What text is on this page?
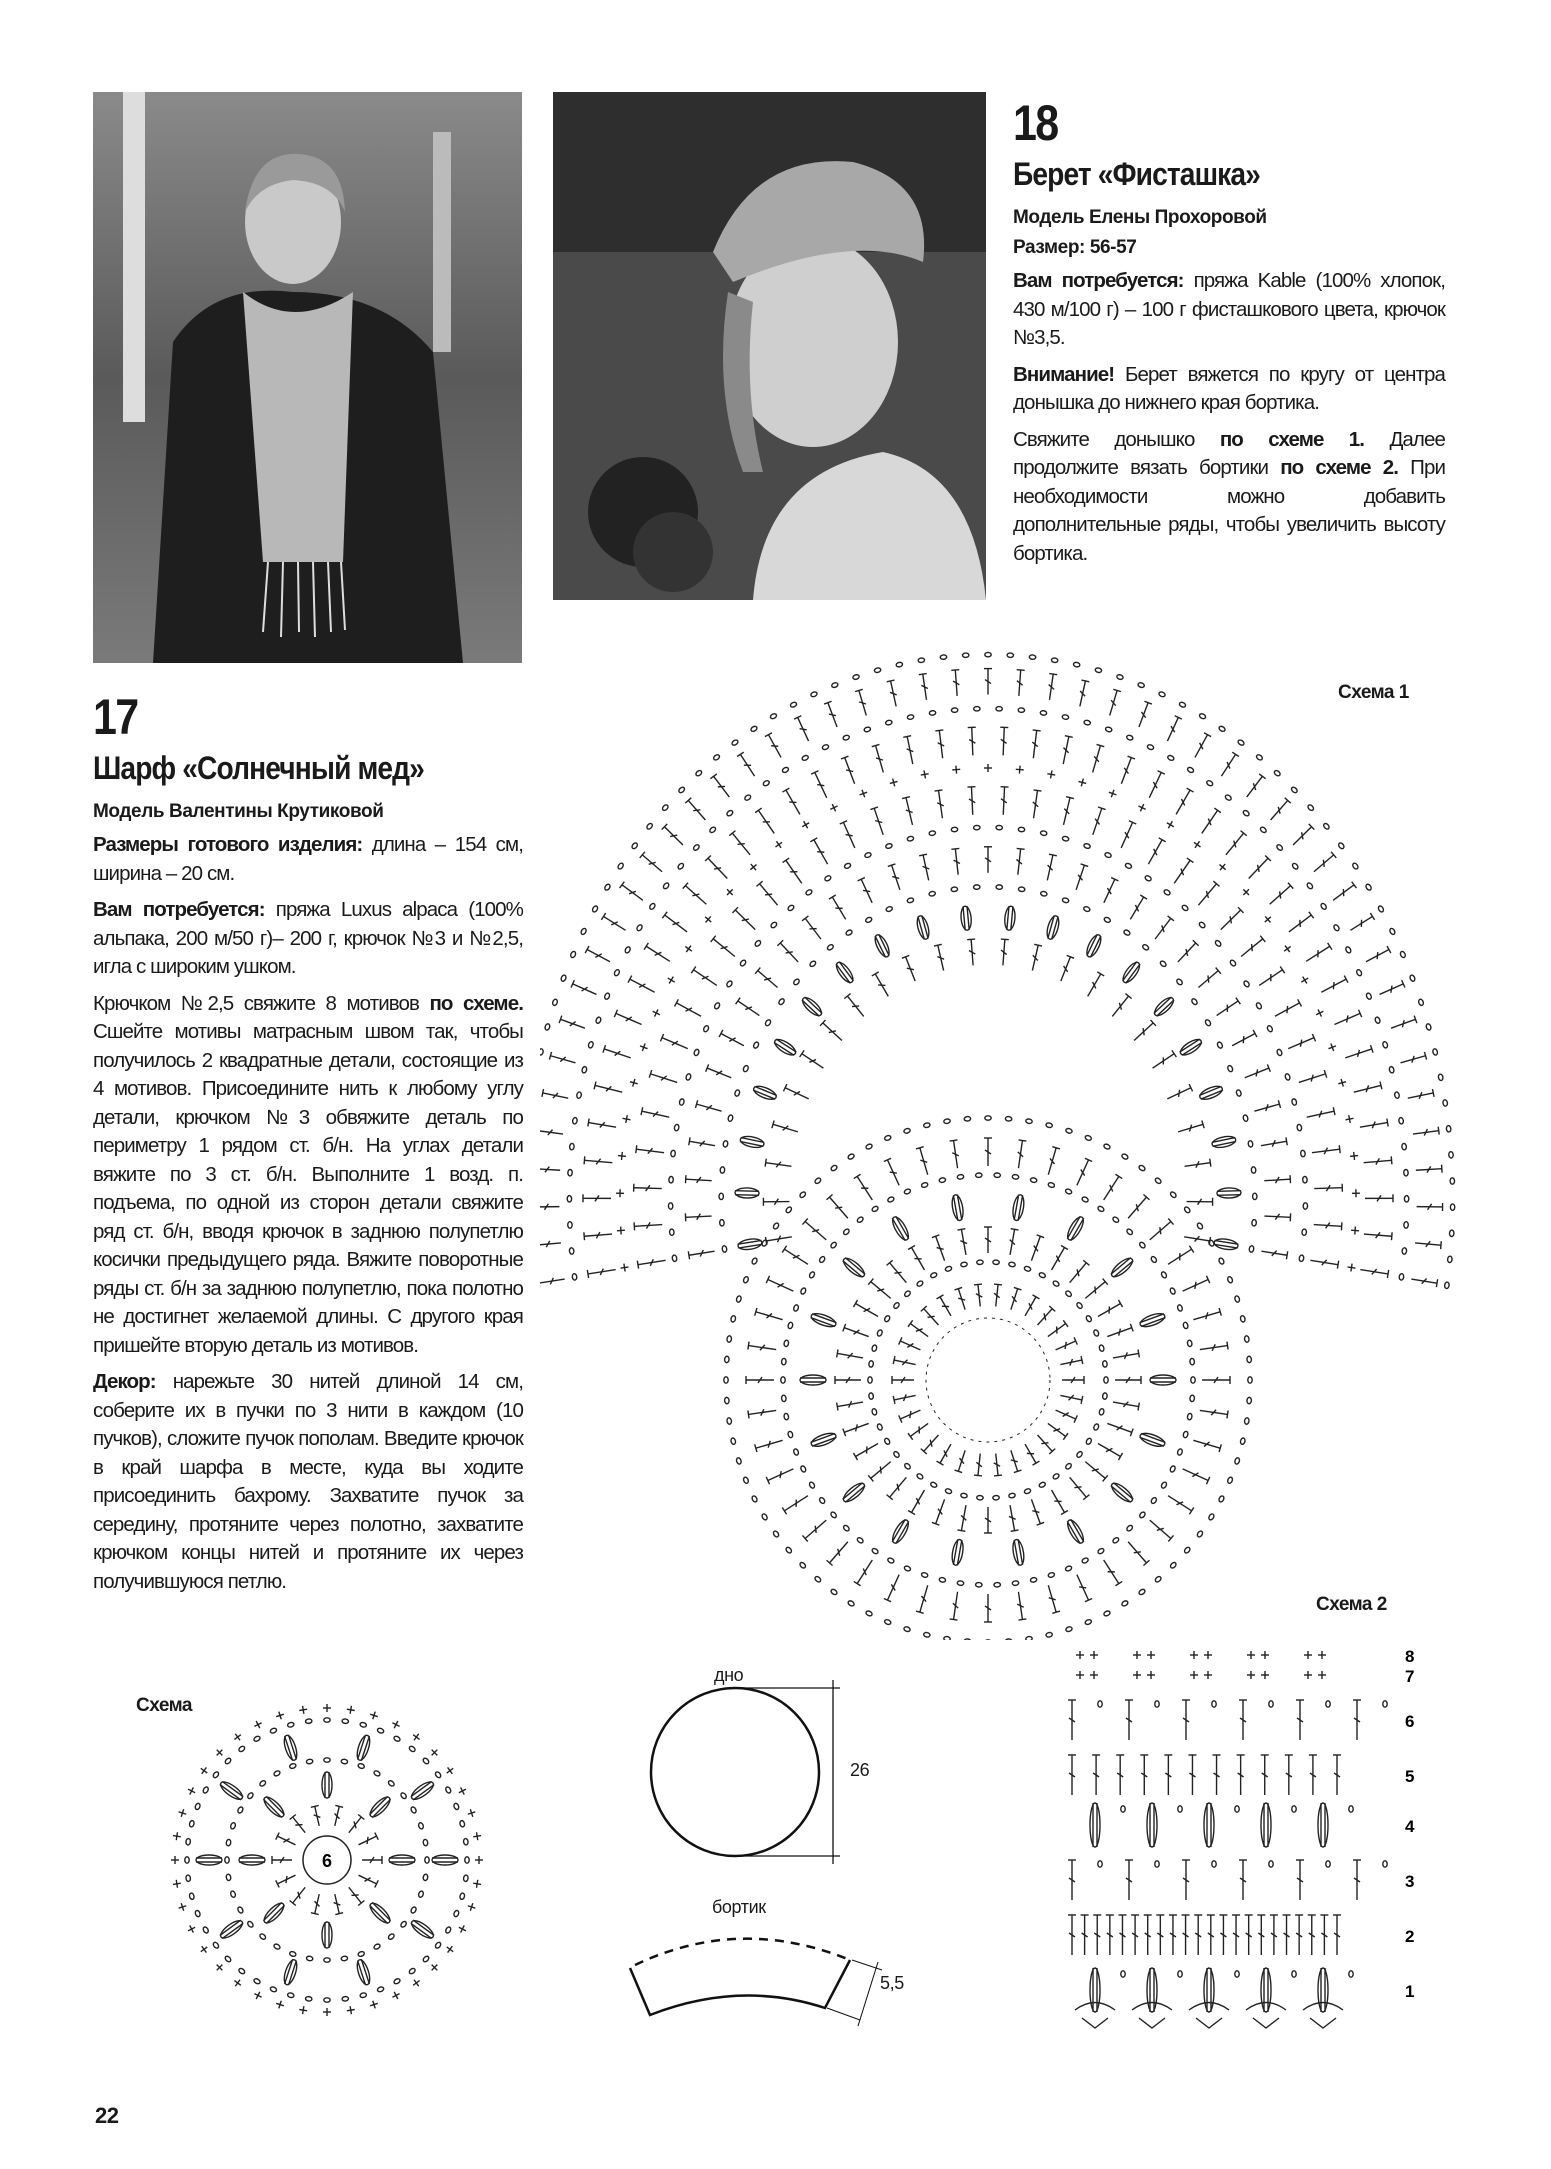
18
Берет «Фисташка»
Модель Елены Прохоровой
Размер: 56-57
Вам потребуется: пряжа Kable (100% хлопок, 430 м/100 г) – 100 г фисташкового цвета, крючок №3,5.
Внимание! Берет вяжется по кругу от центра донышка до нижнего края бортика.
Свяжите донышко по схеме 1. Далее продолжите вязать бортики по схеме 2. При необходимости можно добавить дополнительные ряды, чтобы увеличить высоту бортика.
17
Шарф «Солнечный мед»
Модель Валентины Крутиковой
Размеры готового изделия: длина – 154 см, ширина – 20 см.
Вам потребуется: пряжа Luxus alpaca (100% альпака, 200 м/50 г)– 200 г, крючок №3 и №2,5, игла с широким ушком.
Крючком №2,5 свяжите 8 мотивов по схеме. Сшейте мотивы матрасным швом так, чтобы получилось 2 квадратные детали, состоящие из 4 мотивов. Присоедините нить к любому углу детали, крючком №3 обвяжите деталь по периметру 1 рядом ст. б/н. На углах детали вяжите по 3 ст. б/н. Выполните 1 возд. п. подъема, по одной из сторон детали свяжите ряд ст. б/н, вводя крючок в заднюю полупетлю косички предыдущего ряда. Вяжите поворотные ряды ст. б/н за заднюю полупетлю, пока полотно не достигнет желаемой длины. С другого края пришейте вторую деталь из мотивов.
Декор: нарежьте 30 нитей длиной 14 см, соберите их в пучки по 3 нити в каждом (10 пучков), сложите пучок пополам. Введите крючок в край шарфа в месте, куда вы ходите присоединить бахрому. Захватите пучок за середину, протяните через полотно, захватите крючком концы нитей и протяните их через получившуюся петлю.
Схема 1
Схема 2
Схема
дно
26
бортик
5,5
22
6
8
7
6
5
4
3
2
1
